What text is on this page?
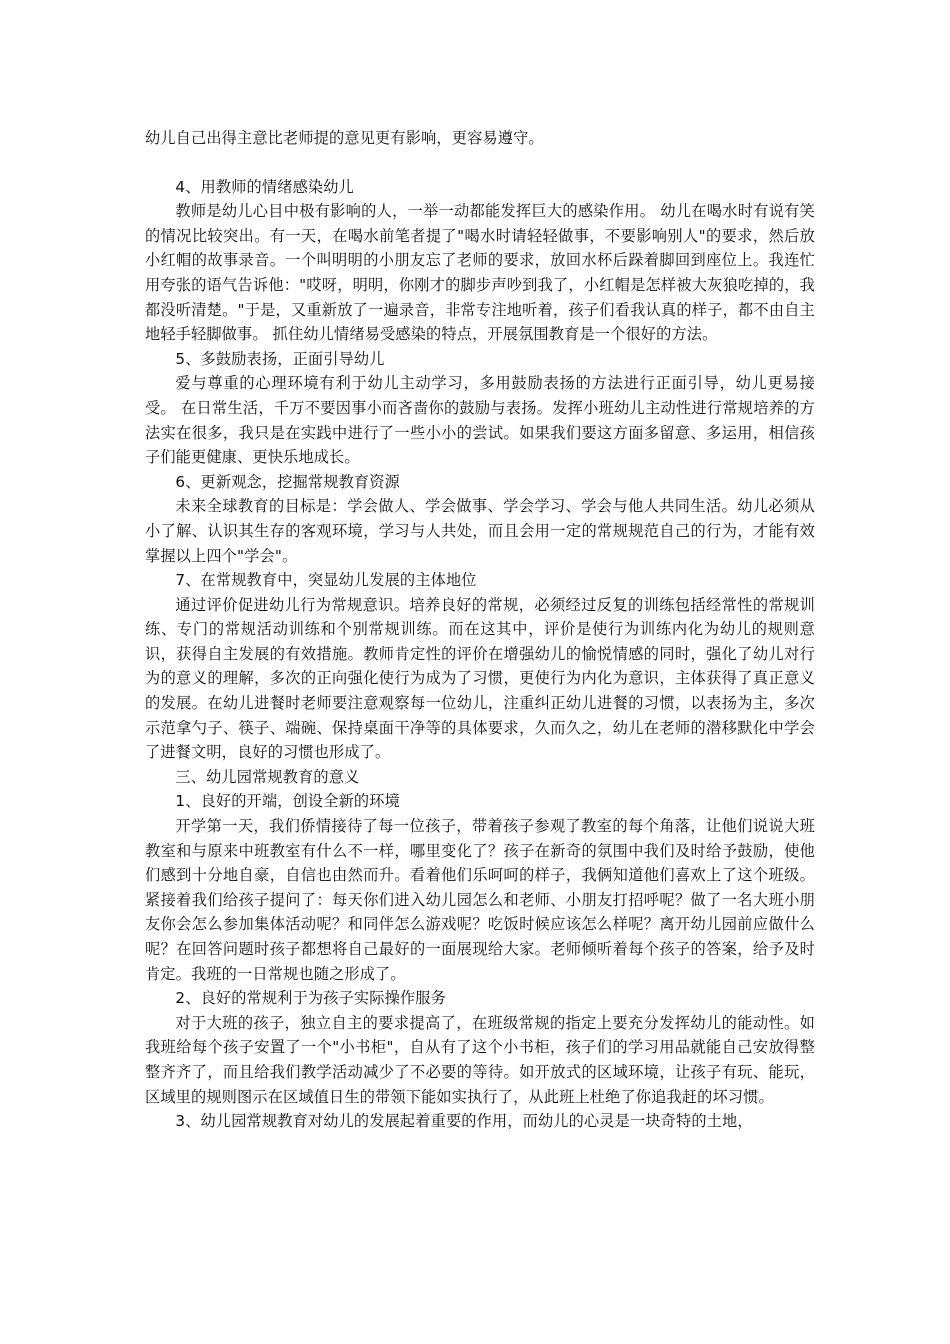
幼儿自己出得主意比老师提的意见更有影响，更容易遵守。

4、用教师的情绪感染幼儿

教师是幼儿心目中极有影响的人，一举一动都能发挥巨大的感染作用。 幼儿在喝水时有说有笑的情况比较突出。有一天，在喝水前笔者提了"喝水时请轻轻做事，不要影响别人"的要求，然后放小红帽的故事录音。一个叫明明的小朋友忘了老师的要求，放回水杯后跺着脚回到座位上。我连忙用夸张的语气告诉他："哎呀，明明，你刚才的脚步声吵到我了，小红帽是怎样被大灰狼吃掉的，我都没听清楚。"于是，又重新放了一遍录音，非常专注地听着，孩子们看我认真的样子，都不由自主地轻手轻脚做事。 抓住幼儿情绪易受感染的特点，开展氛围教育是一个很好的方法。

5、多鼓励表扬，正面引导幼儿

爱与尊重的心理环境有利于幼儿主动学习，多用鼓励表扬的方法进行正面引导，幼儿更易接受。 在日常生活，千万不要因事小而吝啬你的鼓励与表扬。发挥小班幼儿主动性进行常规培养的方法实在很多，我只是在实践中进行了一些小小的尝试。如果我们要这方面多留意、多运用，相信孩子们能更健康、更快乐地成长。

6、更新观念，挖掘常规教育资源

未来全球教育的目标是：学会做人、学会做事、学会学习、学会与他人共同生活。幼儿必须从小了解、认识其生存的客观环境，学习与人共处，而且会用一定的常规规范自己的行为，才能有效掌握以上四个"学会"。

7、在常规教育中，突显幼儿发展的主体地位

通过评价促进幼儿行为常规意识。培养良好的常规，必须经过反复的训练包括经常性的常规训练、专门的常规活动训练和个别常规训练。而在这其中，评价是使行为训练内化为幼儿的规则意识，获得自主发展的有效措施。教师肯定性的评价在增强幼儿的愉悦情感的同时，强化了幼儿对行为的意义的理解，多次的正向强化使行为成为了习惯，更使行为内化为意识，主体获得了真正意义的发展。在幼儿进餐时老师要注意观察每一位幼儿，注重纠正幼儿进餐的习惯，以表扬为主，多次示范拿勺子、筷子、端碗、保持桌面干净等的具体要求，久而久之，幼儿在老师的潜移默化中学会了进餐文明，良好的习惯也形成了。

三、幼儿园常规教育的意义

1、良好的开端，创设全新的环境

开学第一天，我们侨情接待了每一位孩子，带着孩子参观了教室的每个角落，让他们说说大班教室和与原来中班教室有什么不一样，哪里变化了？孩子在新奇的氛围中我们及时给予鼓励，使他们感到十分地自豪，自信也由然而升。看着他们乐呵呵的样子，我俩知道他们喜欢上了这个班级。紧接着我们给孩子提问了：每天你们进入幼儿园怎么和老师、小朋友打招呼呢？做了一名大班小朋友你会怎么参加集体活动呢？和同伴怎么游戏呢？吃饭时候应该怎么样呢？离开幼儿园前应做什么呢？在回答问题时孩子都想将自己最好的一面展现给大家。老师倾听着每个孩子的答案，给予及时肯定。我班的一日常规也随之形成了。

2、良好的常规利于为孩子实际操作服务

对于大班的孩子，独立自主的要求提高了，在班级常规的指定上要充分发挥幼儿的能动性。如我班给每个孩子安置了一个"小书柜"，自从有了这个小书柜，孩子们的学习用品就能自己安放得整整齐齐了，而且给我们教学活动减少了不必要的等待。如开放式的区域环境，让孩子有玩、能玩，区域里的规则图示在区域值日生的带领下能如实执行了，从此班上杜绝了你追我赶的坏习惯。

3、幼儿园常规教育对幼儿的发展起着重要的作用，而幼儿的心灵是一块奇特的土地，
